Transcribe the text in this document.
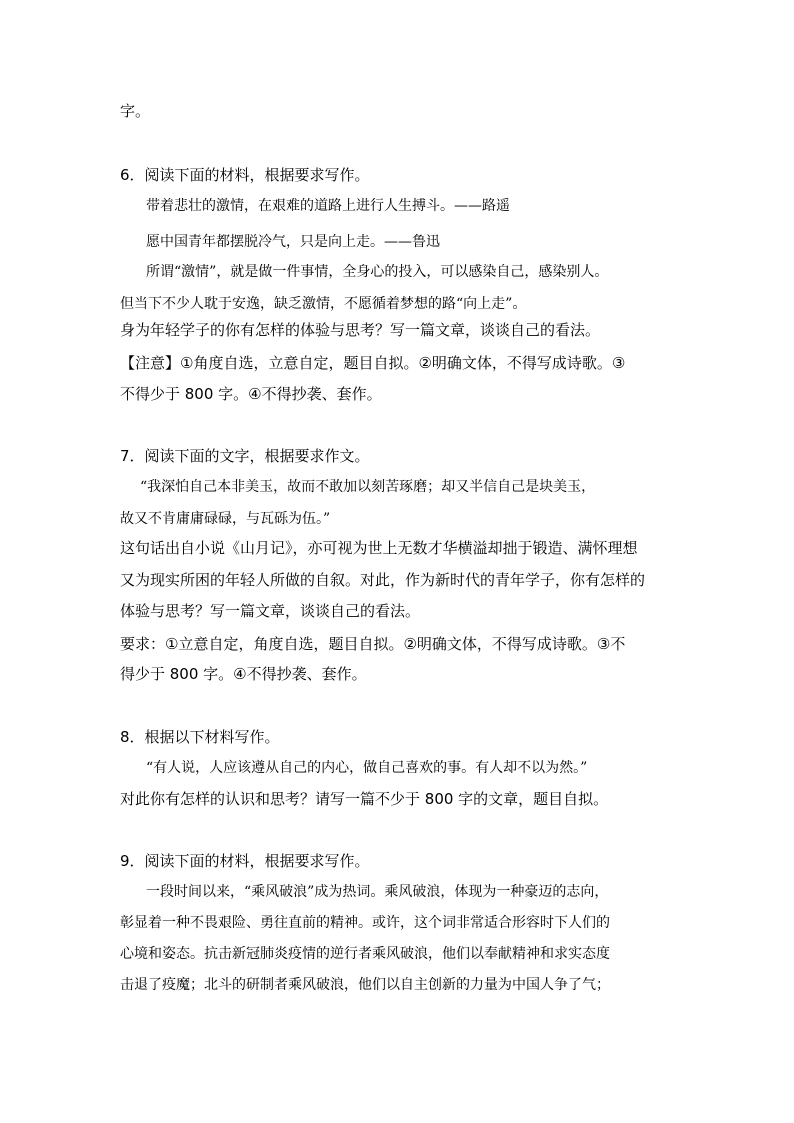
字。
6．阅读下面的材料，根据要求写作。
带着悲壮的激情，在艰难的道路上进行人生搏斗。——路遥
愿中国青年都摆脱冷气，只是向上走。——鲁迅
所谓“激情”，就是做一件事情，全身心的投入，可以感染自己，感染别人。
但当下不少人耽于安逸，缺乏激情，不愿循着梦想的路“向上走”。
身为年轻学子的你有怎样的体验与思考？写一篇文章，谈谈自己的看法。
【注意】①角度自选，立意自定，题目自拟。②明确文体，不得写成诗歌。③
不得少于 800 字。④不得抄袭、套作。
7．阅读下面的文字，根据要求作文。
“我深怕自己本非美玉，故而不敢加以刻苦琢磨；却又半信自己是块美玉，
故又不肯庸庸碌碌，与瓦砾为伍。”
这句话出自小说《山月记》，亦可视为世上无数才华横溢却拙于锻造、满怀理想
又为现实所困的年轻人所做的自叙。对此，作为新时代的青年学子，你有怎样的
体验与思考？写一篇文章，谈谈自己的看法。
要求：①立意自定，角度自选，题目自拟。②明确文体，不得写成诗歌。③不
得少于 800 字。④不得抄袭、套作。
8．根据以下材料写作。
“有人说，人应该遵从自己的内心，做自己喜欢的事。有人却不以为然。”
对此你有怎样的认识和思考？请写一篇不少于 800 字的文章，题目自拟。
9．阅读下面的材料，根据要求写作。
一段时间以来，“乘风破浪”成为热词。乘风破浪，体现为一种豪迈的志向，
彰显着一种不畏艰险、勇往直前的精神。或许，这个词非常适合形容时下人们的
心境和姿态。抗击新冠肺炎疫情的逆行者乘风破浪，他们以奉献精神和求实态度
击退了疫魔；北斗的研制者乘风破浪，他们以自主创新的力量为中国人争了气；
